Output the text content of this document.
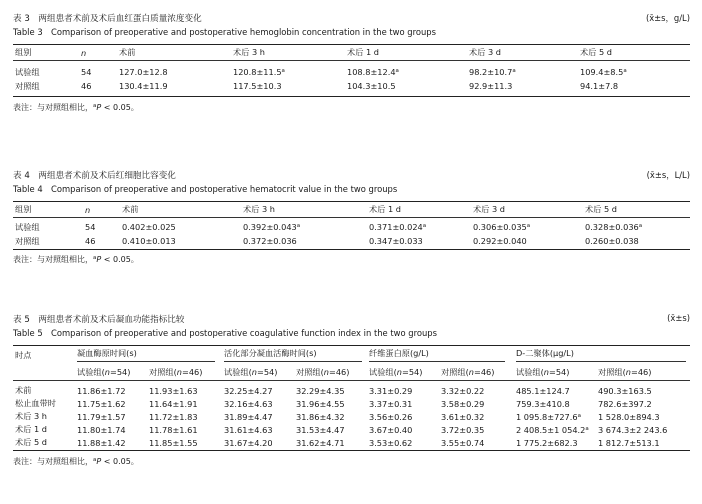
表 3　两组患者术前及术后血红蛋白质量浓度变化	(x̄±s，g/L)
Table 3　Comparison of preoperative and postoperative hemoglobin concentration in the two groups
组别	n	术前	术后 3 h	术后 1 d	术后 3 d	术后 5 d
试验组	54	127.0±12.8	120.8±11.5$^a$	108.8±12.4$^a$	98.2±10.7$^a$	109.4±8.5$^a$
对照组	46	130.4±11.9	117.5±10.3	104.3±10.5	92.9±11.3	94.1±7.8
表注：与对照组相比，$^a$P < 0.05。
表 4　两组患者术前及术后红细胞比容变化	(x̄±s，L/L)
Table 4　Comparison of preoperative and postoperative hematocrit value in the two groups
组别	n	术前	术后 3 h	术后 1 d	术后 3 d	术后 5 d
试验组	54	0.402±0.025	0.392±0.043$^a$	0.371±0.024$^a$	0.306±0.035$^a$	0.328±0.036$^a$
对照组	46	0.410±0.013	0.372±0.036	0.347±0.033	0.292±0.040	0.260±0.038
表注：与对照组相比，$^a$P < 0.05。
表 5　两组患者术前及术后凝血功能指标比较	(x̄±s)
Table 5　Comparison of preoperative and postoperative coagulative function index in the two groups
时点	凝血酶原时间(s)	活化部分凝血活酶时间(s)	纤维蛋白原(g/L)	D-二聚体(μg/L)
试验组(n=54)	对照组(n=46)	试验组(n=54)	对照组(n=46)	试验组(n=54)	对照组(n=46)	试验组(n=54)	对照组(n=46)
术前	11.86±1.72	11.93±1.63	32.25±4.27	32.29±4.35	3.31±0.29	3.32±0.22	485.1±124.7	490.3±163.5
松止血带时	11.75±1.62	11.64±1.91	32.16±4.63	31.96±4.55	3.37±0.31	3.58±0.29	759.3±410.8	782.6±397.2
术后 3 h	11.79±1.57	11.72±1.83	31.89±4.47	31.86±4.32	3.56±0.26	3.61±0.32	1 095.8±727.6$^a$	1 528.0±894.3
术后 1 d	11.80±1.74	11.78±1.61	31.61±4.63	31.53±4.47	3.67±0.40	3.72±0.35	2 408.5±1 054.2$^a$	3 674.3±2 243.6
术后 5 d	11.88±1.42	11.85±1.55	31.67±4.20	31.62±4.71	3.53±0.62	3.55±0.74	1 775.2±682.3	1 812.7±513.1
表注：与对照组相比，$^a$P < 0.05。
